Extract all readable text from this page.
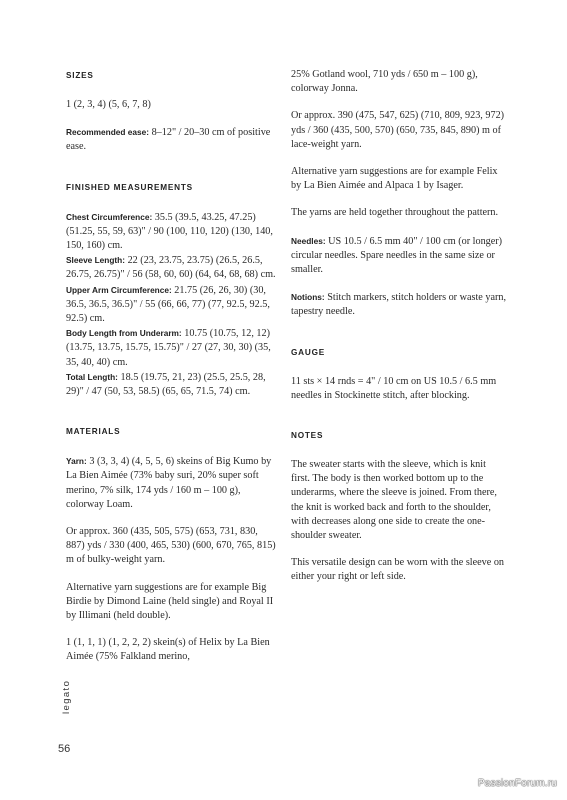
SIZES

1 (2, 3, 4) (5, 6, 7, 8)

Recommended ease: 8–12" / 20–30 cm of positive ease.

FINISHED MEASUREMENTS

Chest Circumference: 35.5 (39.5, 43.25, 47.25) (51.25, 55, 59, 63)" / 90 (100, 110, 120) (130, 140, 150, 160) cm.

Sleeve Length: 22 (23, 23.75, 23.75) (26.5, 26.5, 26.75, 26.75)" / 56 (58, 60, 60) (64, 64, 68, 68) cm.

Upper Arm Circumference: 21.75 (26, 26, 30) (30, 36.5, 36.5, 36.5)" / 55 (66, 66, 77) (77, 92.5, 92.5, 92.5) cm.

Body Length from Underarm: 10.75 (10.75, 12, 12) (13.75, 13.75, 15.75, 15.75)" / 27 (27, 30, 30) (35, 35, 40, 40) cm.

Total Length: 18.5 (19.75, 21, 23) (25.5, 25.5, 28, 29)" / 47 (50, 53, 58.5) (65, 65, 71.5, 74) cm.

MATERIALS

Yarn: 3 (3, 3, 4) (4, 5, 5, 6) skeins of Big Kumo by La Bien Aimée (73% baby suri, 20% super soft merino, 7% silk, 174 yds / 160 m – 100 g), colorway Loam.

Or approx. 360 (435, 505, 575) (653, 731, 830, 887) yds / 330 (400, 465, 530) (600, 670, 765, 815) m of bulky-weight yarn.

Alternative yarn suggestions are for example Big Birdie by Dimond Laine (held single) and Royal II by Illimani (held double).

1 (1, 1, 1) (1, 2, 2, 2) skein(s) of Helix by La Bien Aimée (75% Falkland merino,

25% Gotland wool, 710 yds / 650 m – 100 g), colorway Jonna.

Or approx. 390 (475, 547, 625) (710, 809, 923, 972) yds / 360 (435, 500, 570) (650, 735, 845, 890) m of lace-weight yarn.

Alternative yarn suggestions are for example Felix by La Bien Aimée and Alpaca 1 by Isager.

The yarns are held together throughout the pattern.

Needles: US 10.5 / 6.5 mm 40" / 100 cm (or longer) circular needles. Spare needles in the same size or smaller.

Notions: Stitch markers, stitch holders or waste yarn, tapestry needle.

GAUGE

11 sts × 14 rnds = 4" / 10 cm on US 10.5 / 6.5 mm needles in Stockinette stitch, after blocking.

NOTES

The sweater starts with the sleeve, which is knit first. The body is then worked bottom up to the underarms, where the sleeve is joined. From there, the knit is worked back and forth to the shoulder, with decreases along one side to create the one-shoulder sweater.

This versatile design can be worn with the sleeve on either your right or left side.

legato
56
PassionForum.ru
